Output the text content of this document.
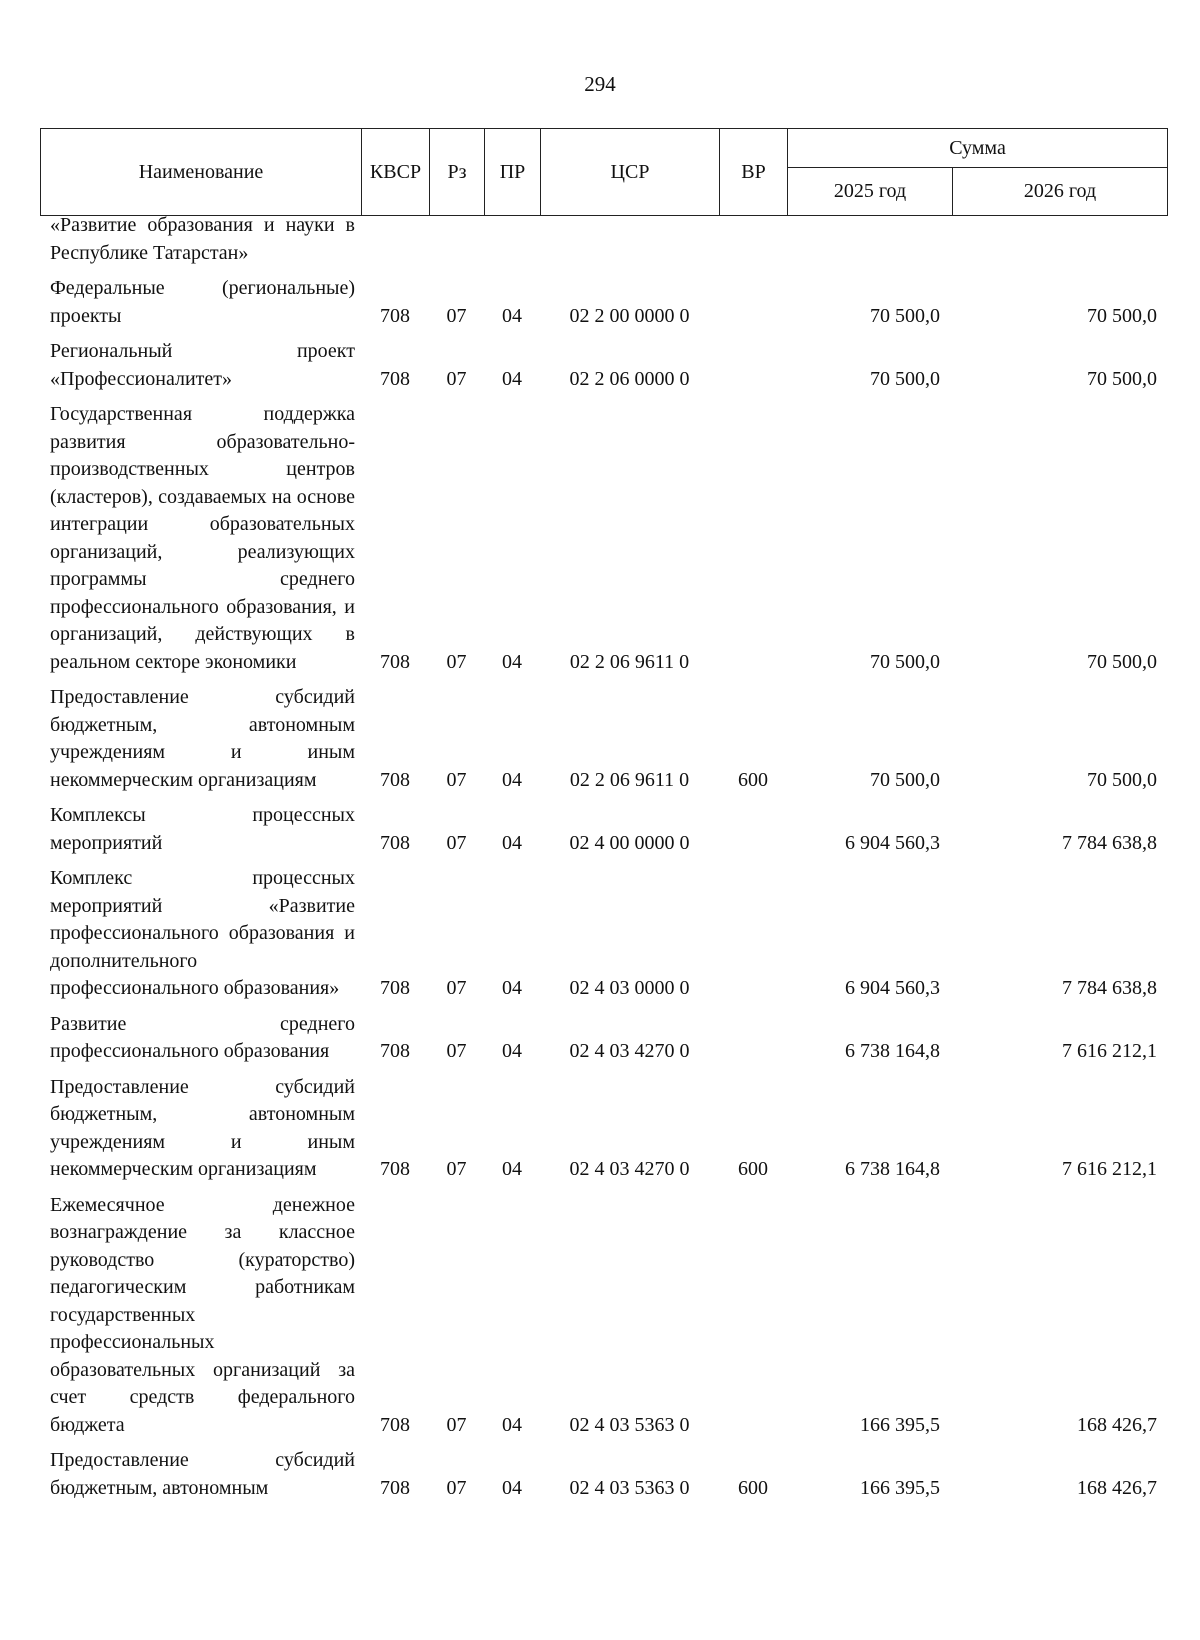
294
Наименование	КВСР	Рз	ПР	ЦСР	ВР	Сумма	
						2025 год	2026 год
«Развитие образования и науки в Республике Татарстан»							
Федеральные (региональные) проекты	708	07	04	02 2 00 0000 0		70 500,0	70 500,0
Региональный проект «Профессионалитет»	708	07	04	02 2 06 0000 0		70 500,0	70 500,0
Государственная поддержка развития образовательно-производственных центров (кластеров), создаваемых на основе интеграции образовательных организаций, реализующих программы среднего профессионального образования, и организаций, действующих в реальном секторе экономики	708	07	04	02 2 06 9611 0		70 500,0	70 500,0
Предоставление субсидий бюджетным, автономным учреждениям и иным некоммерческим организациям	708	07	04	02 2 06 9611 0	600	70 500,0	70 500,0
Комплексы процессных мероприятий	708	07	04	02 4 00 0000 0		6 904 560,3	7 784 638,8
Комплекс процессных мероприятий «Развитие профессионального образования и дополнительного профессионального образования»	708	07	04	02 4 03 0000 0		6 904 560,3	7 784 638,8
Развитие среднего профессионального образования	708	07	04	02 4 03 4270 0		6 738 164,8	7 616 212,1
Предоставление субсидий бюджетным, автономным учреждениям и иным некоммерческим организациям	708	07	04	02 4 03 4270 0	600	6 738 164,8	7 616 212,1
Ежемесячное денежное вознаграждение за классное руководство (кураторство) педагогическим работникам государственных профессиональных образовательных организаций за счет средств федерального бюджета	708	07	04	02 4 03 5363 0		166 395,5	168 426,7
Предоставление субсидий бюджетным, автономным	708	07	04	02 4 03 5363 0	600	166 395,5	168 426,7
